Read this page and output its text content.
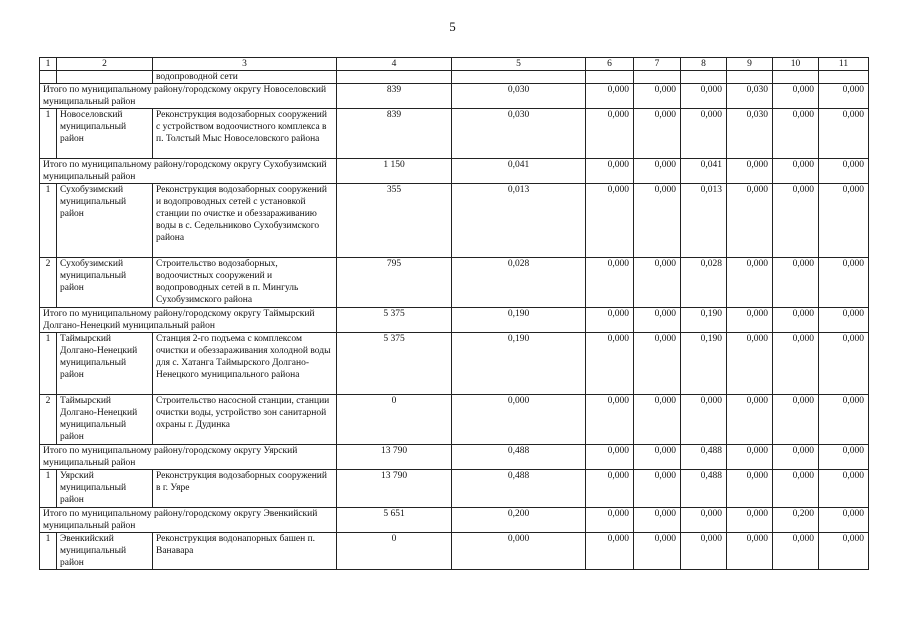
5
1	2	3	4	5	6	7	8	9	10	11
		водопроводной сети								
Итого по муниципальному району/городскому округу Новоселовский муниципальный район			839	0,030	0,000	0,000	0,000	0,030	0,000	0,000
1	Новоселовский муниципальный район	Реконструкция водозаборных сооружений с устройством водоочистного комплекса в п. Толстый Мыс Новоселовского района	839	0,030	0,000	0,000	0,000	0,030	0,000	0,000
Итого по муниципальному району/городскому округу Сухобузимский муниципальный район			1 150	0,041	0,000	0,000	0,041	0,000	0,000	0,000
1	Сухобузимский муниципальный район	Реконструкция водозаборных сооружений и водопроводных сетей с установкой станции по очистке и обеззараживанию воды в с. Седельниково Сухобузимского района	355	0,013	0,000	0,000	0,013	0,000	0,000	0,000
2	Сухобузимский муниципальный район	Строительство водозаборных, водоочистных сооружений и водопроводных сетей в п. Мингуль Сухобузимского района	795	0,028	0,000	0,000	0,028	0,000	0,000	0,000
Итого по муниципальному району/городскому округу Таймырский Долгано-Ненецкий муниципальный район			5 375	0,190	0,000	0,000	0,190	0,000	0,000	0,000
1	Таймырский Долгано-Ненецкий муниципальный район	Станция 2-го подъема с комплексом очистки и обеззараживания холодной воды для с. Хатанга Таймырского Долгано-Ненецкого муниципального района	5 375	0,190	0,000	0,000	0,190	0,000	0,000	0,000
2	Таймырский Долгано-Ненецкий муниципальный район	Строительство насосной станции, станции очистки воды, устройство зон санитарной охраны г. Дудинка	0	0,000	0,000	0,000	0,000	0,000	0,000	0,000
Итого по муниципальному району/городскому округу Уярский муниципальный район			13 790	0,488	0,000	0,000	0,488	0,000	0,000	0,000
1	Уярский муниципальный район	Реконструкция водозаборных сооружений в г. Уяре	13 790	0,488	0,000	0,000	0,488	0,000	0,000	0,000
Итого по муниципальному району/городскому округу Эвенкийский муниципальный район			5 651	0,200	0,000	0,000	0,000	0,000	0,200	0,000
1	Эвенкийский муниципальный район	Реконструкция водонапорных башен п. Ванавара	0	0,000	0,000	0,000	0,000	0,000	0,000	0,000
